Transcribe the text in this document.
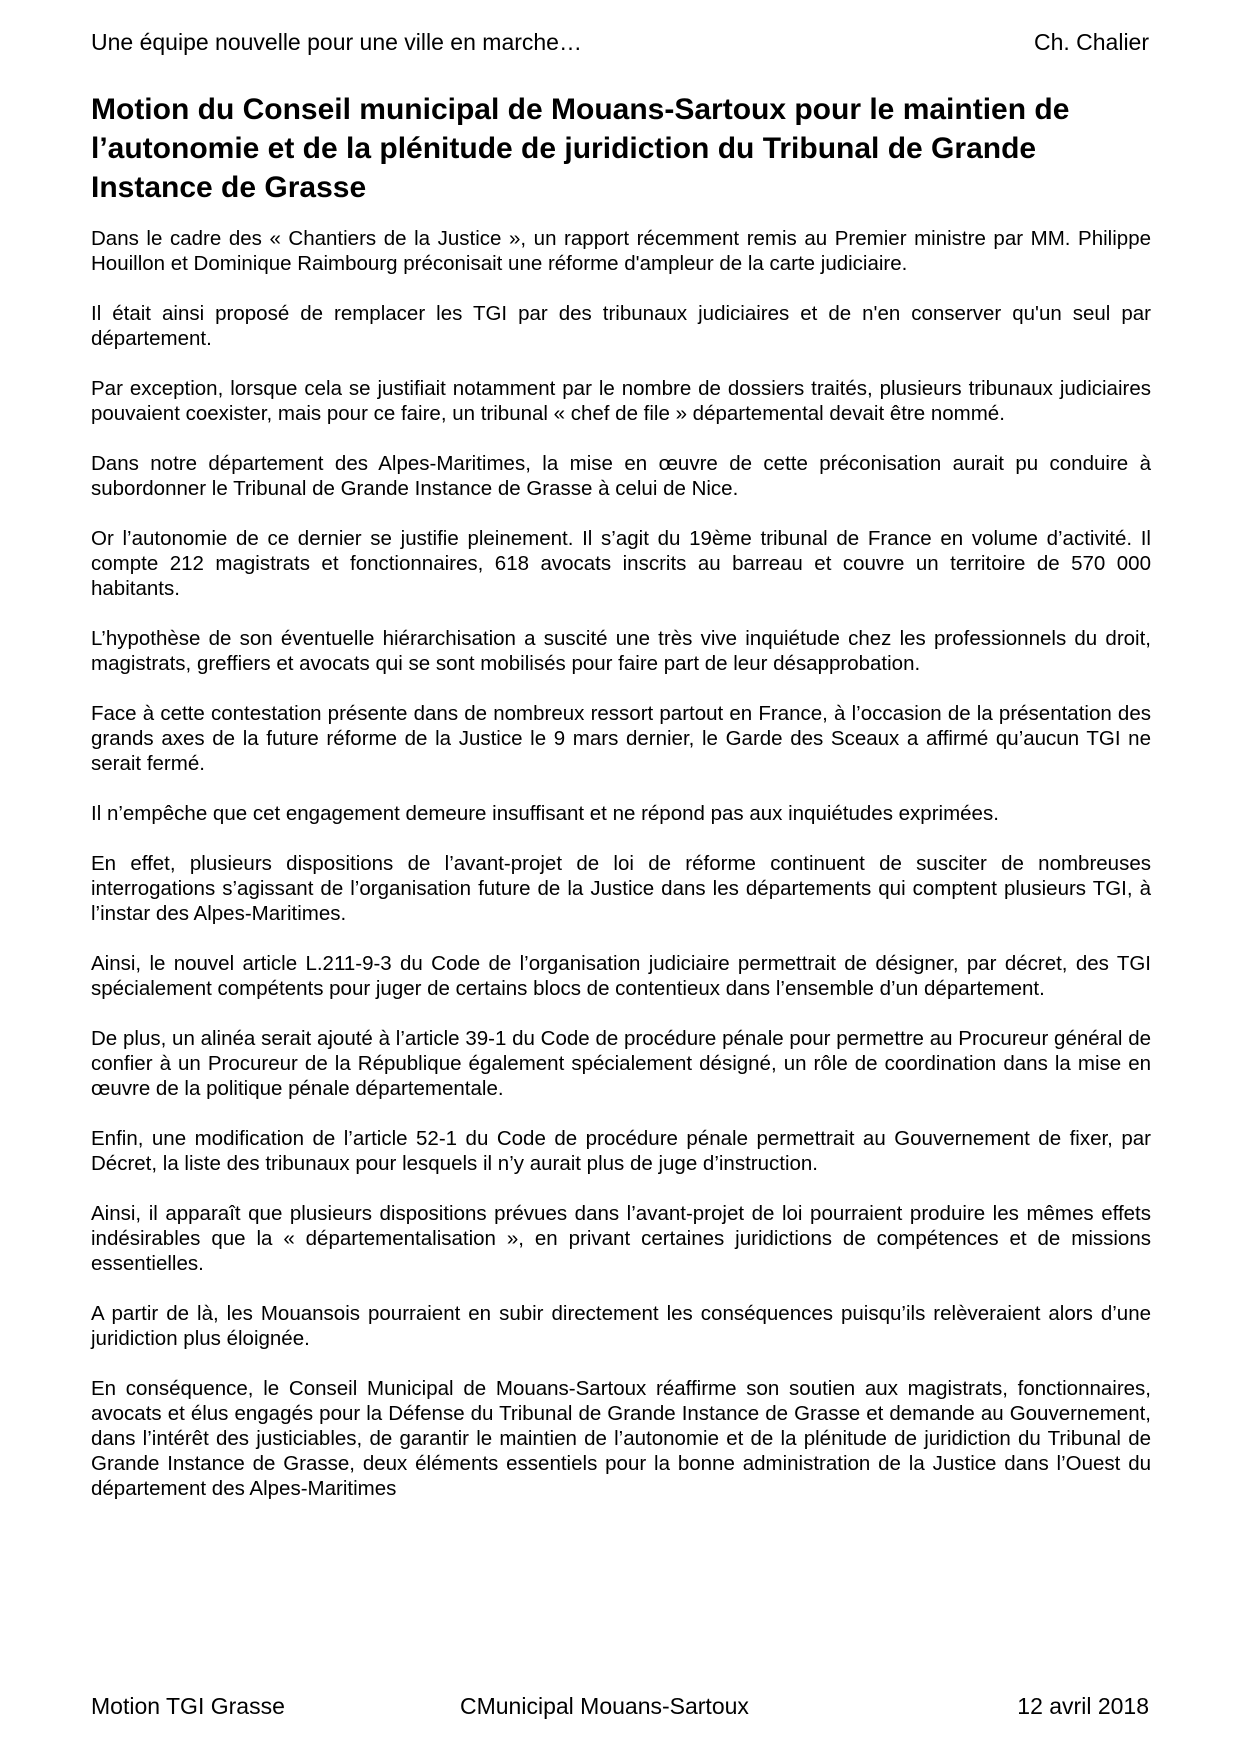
Une équipe nouvelle pour une ville en marche…	Ch. Chalier
Motion du Conseil municipal de Mouans-Sartoux pour le maintien de l’autonomie et de la plénitude de juridiction du Tribunal de Grande Instance de Grasse

Dans le cadre des « Chantiers de la Justice », un rapport récemment remis au Premier ministre par MM. Philippe Houillon et Dominique Raimbourg préconisait une réforme d'ampleur de la carte judiciaire.

Il était ainsi proposé de remplacer les TGI par des tribunaux judiciaires et de n'en conserver qu'un seul par département.

Par exception, lorsque cela se justifiait notamment par le nombre de dossiers traités, plusieurs tribunaux judiciaires pouvaient coexister, mais pour ce faire, un tribunal « chef de file » départemental devait être nommé.

Dans notre département des Alpes-Maritimes, la mise en œuvre de cette préconisation aurait pu conduire à subordonner le Tribunal de Grande Instance de Grasse à celui de Nice.

Or l’autonomie de ce dernier se justifie pleinement. Il s’agit du 19ème tribunal de France en volume d’activité. Il compte 212 magistrats et fonctionnaires, 618 avocats inscrits au barreau et couvre un territoire de 570 000 habitants.

L’hypothèse de son éventuelle hiérarchisation a suscité une très vive inquiétude chez les professionnels du droit, magistrats, greffiers et avocats qui se sont mobilisés pour faire part de leur désapprobation.

Face à cette contestation présente dans de nombreux ressort partout en France, à l’occasion de la présentation des grands axes de la future réforme de la Justice le 9 mars dernier, le Garde des Sceaux a affirmé qu’aucun TGI ne serait fermé.

Il n’empêche que cet engagement demeure insuffisant et ne répond pas aux inquiétudes exprimées.

En effet, plusieurs dispositions de l’avant-projet de loi de réforme continuent de susciter de nombreuses interrogations s’agissant de l’organisation future de la Justice dans les départements qui comptent plusieurs TGI, à l’instar des Alpes-Maritimes.

Ainsi, le nouvel article L.211-9-3 du Code de l’organisation judiciaire permettrait de désigner, par décret, des TGI spécialement compétents pour juger de certains blocs de contentieux dans l’ensemble d’un département.

De plus, un alinéa serait ajouté à l’article 39-1 du Code de procédure pénale pour permettre au Procureur général de confier à un Procureur de la République également spécialement désigné, un rôle de coordination dans la mise en œuvre de la politique pénale départementale.

Enfin, une modification de l’article 52-1 du Code de procédure pénale permettrait au Gouvernement de fixer, par Décret, la liste des tribunaux pour lesquels il n’y aurait plus de juge d’instruction.

Ainsi, il apparaît que plusieurs dispositions prévues dans l’avant-projet de loi pourraient produire les mêmes effets indésirables que la « départementalisation », en privant certaines juridictions de compétences et de missions essentielles.

A partir de là, les Mouansois pourraient en subir directement les conséquences puisqu’ils relèveraient alors d’une juridiction plus éloignée.

En conséquence, le Conseil Municipal de Mouans-Sartoux réaffirme son soutien aux magistrats, fonctionnaires, avocats et élus engagés pour la Défense du Tribunal de Grande Instance de Grasse et demande au Gouvernement, dans l’intérêt des justiciables, de garantir le maintien de l’autonomie et de la plénitude de juridiction du Tribunal de Grande Instance de Grasse, deux éléments essentiels pour la bonne administration de la Justice dans l’Ouest du département des Alpes-Maritimes

Motion TGI Grasse	CMunicipal Mouans-Sartoux	12 avril 2018
